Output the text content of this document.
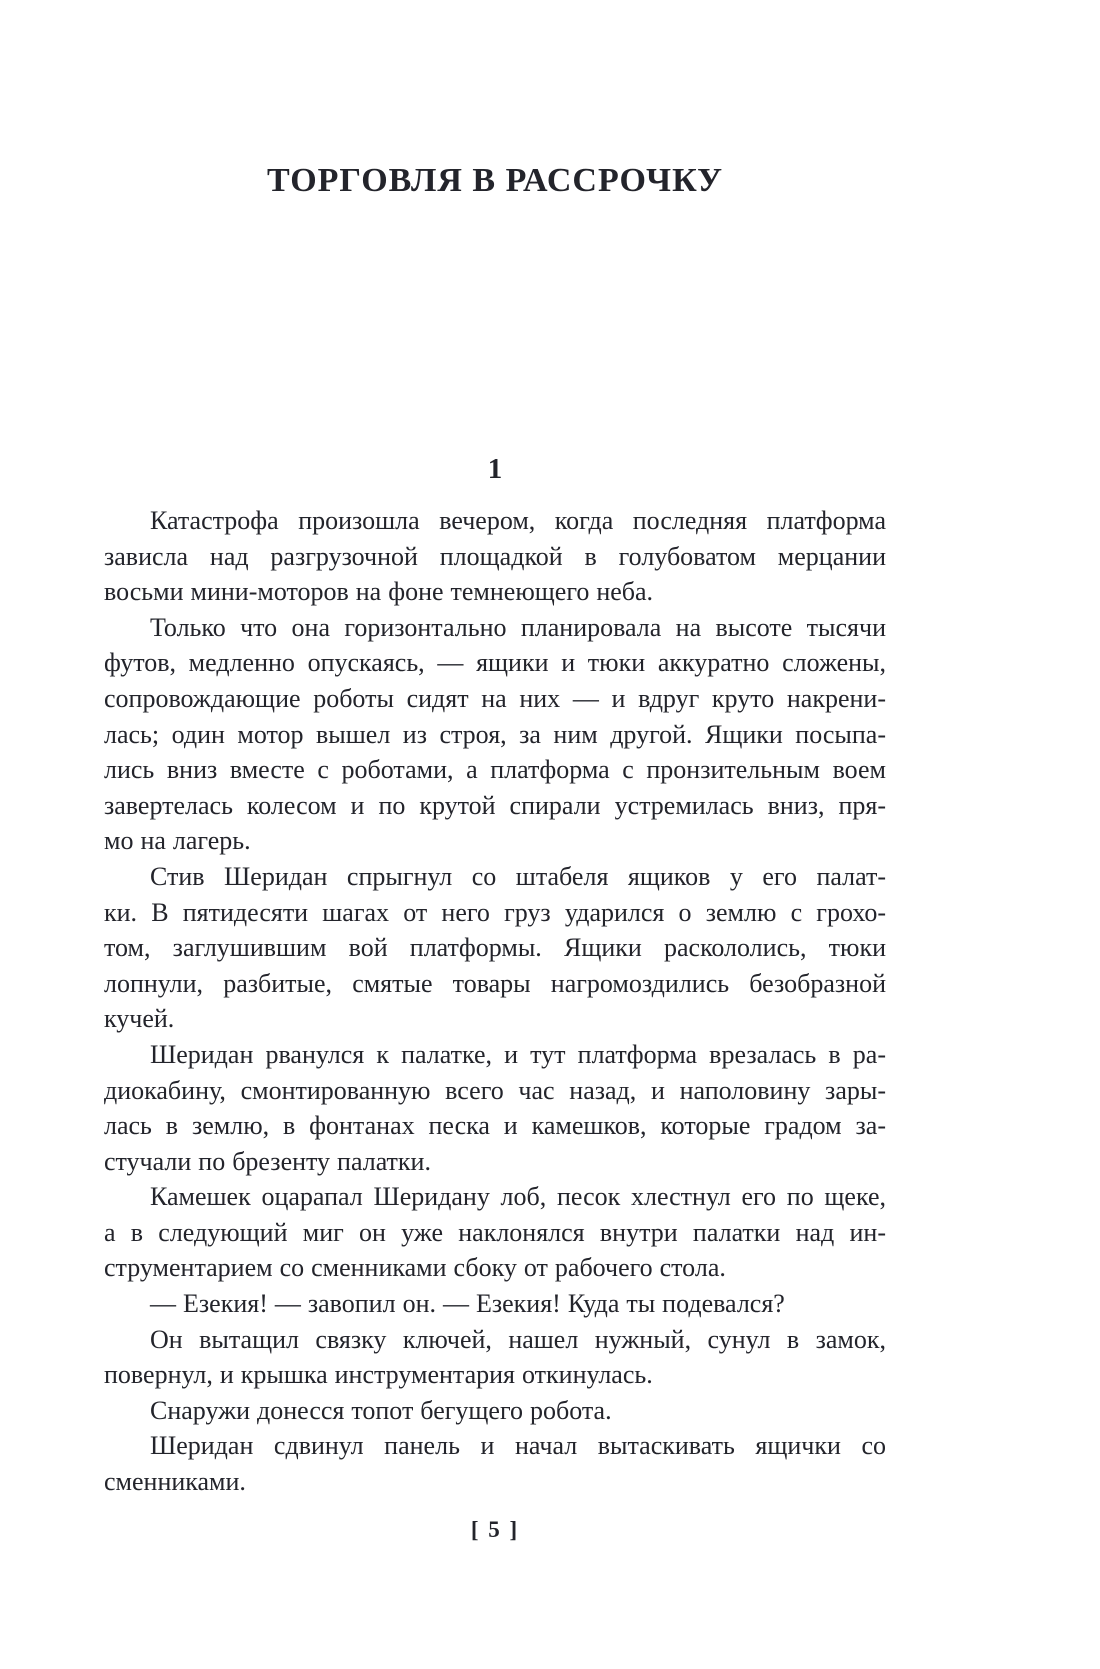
ТОРГОВЛЯ В РАССРОЧКУ
1
Катастрофа произошла вечером, когда последняя платформа
зависла над разгрузочной площадкой в голубоватом мерцании
восьми мини-моторов на фоне темнеющего неба.
Только что она горизонтально планировала на высоте тысячи
футов, медленно опускаясь, — ящики и тюки аккуратно сложены,
сопровождающие роботы сидят на них — и вдруг круто накрени-
лась; один мотор вышел из строя, за ним другой. Ящики посыпа-
лись вниз вместе с роботами, а платформа с пронзительным воем
завертелась колесом и по крутой спирали устремилась вниз, пря-
мо на лагерь.
Стив Шеридан спрыгнул со штабеля ящиков у его палат-
ки. В пятидесяти шагах от него груз ударился о землю с грохо-
том, заглушившим вой платформы. Ящики раскололись, тюки
лопнули, разбитые, смятые товары нагромоздились безобразной
кучей.
Шеридан рванулся к палатке, и тут платформа врезалась в ра-
диокабину, смонтированную всего час назад, и наполовину зары-
лась в землю, в фонтанах песка и камешков, которые градом за-
стучали по брезенту палатки.
Камешек оцарапал Шеридану лоб, песок хлестнул его по щеке,
а в следующий миг он уже наклонялся внутри палатки над ин-
струментарием со сменниками сбоку от рабочего стола.
— Езекия! — завопил он. — Езекия! Куда ты подевался?
Он вытащил связку ключей, нашел нужный, сунул в замок,
повернул, и крышка инструментария откинулась.
Снаружи донесся топот бегущего робота.
Шеридан сдвинул панель и начал вытаскивать ящички со
сменниками.
[ 5 ]
